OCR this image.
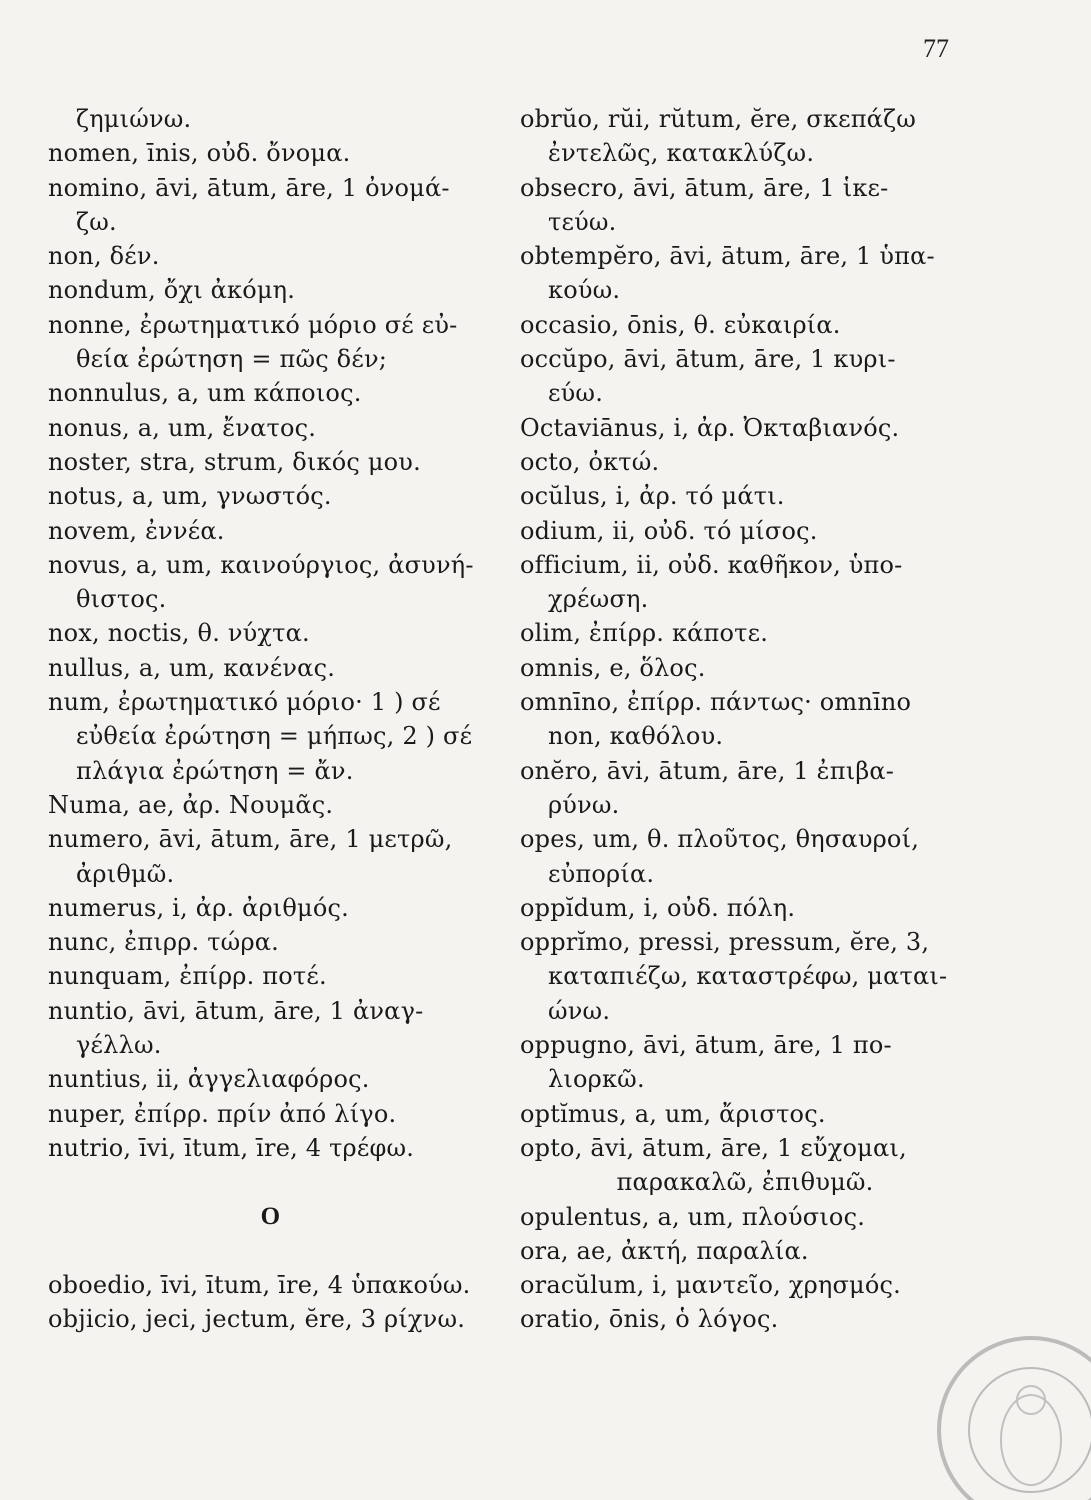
77
ζημιώνω.
nomen, īnis, οὐδ. ὄνομα.
nomino, āvi, ātum, āre, 1 ὀνομά-
ζω.
non, δέν.
nondum, ὄχι ἀκόμη.
nonne, ἐρωτηματικό μόριο σέ εὐ-
θεία ἐρώτηση = πῶς δέν;
nonnulus, a, um κάποιος.
nonus, a, um, ἔνατος.
noster, stra, strum, δικός μου.
notus, a, um, γνωστός.
novem, ἐννέα.
novus, a, um, καινούργιος, ἀσυνή-
θιστος.
nox, noctis, θ. νύχτα.
nullus, a, um, κανένας.
num, ἐρωτηματικό μόριο· 1 ) σέ
εὐθεία ἐρώτηση = μήπως, 2 ) σέ
πλάγια ἐρώτηση = ἄν.
Numa, ae, ἀρ. Νουμᾶς.
numero, āvi, ātum, āre, 1 μετρῶ,
ἀριθμῶ.
numerus, i, ἀρ. ἀριθμός.
nunc, ἐπιρρ. τώρα.
nunquam, ἐπίρρ. ποτέ.
nuntio, āvi, ātum, āre, 1 ἀναγ-
γέλλω.
nuntius, ii, ἀγγελιαφόρος.
nuper, ἐπίρρ. πρίν ἀπό λίγο.
nutrio, īvi, ītum, īre, 4 τρέφω.
O
oboedio, īvi, ītum, īre, 4 ὑπακούω.
objicio, jeci, jectum, ĕre, 3 ρίχνω.
obrŭo, rŭi, rŭtum, ĕre, σκεπάζω
ἐντελῶς, κατακλύζω.
obsecro, āvi, ātum, āre, 1 ἱκε-
τεύω.
obtempĕro, āvi, ātum, āre, 1 ὑπα-
κούω.
occasio, ōnis, θ. εὐκαιρία.
occŭpo, āvi, ātum, āre, 1 κυρι-
εύω.
Octaviānus, i, ἀρ. Ὀκταβιανός.
octo, ὀκτώ.
ocŭlus, i, ἀρ. τό μάτι.
odium, ii, οὐδ. τό μίσος.
officium, ii, οὐδ. καθῆκον, ὑπο-
χρέωση.
olim, ἐπίρρ. κάποτε.
omnis, e, ὅλος.
omnīno, ἐπίρρ. πάντως· omnīno
non, καθόλου.
onĕro, āvi, ātum, āre, 1 ἐπιβα-
ρύνω.
opes, um, θ. πλοῦτος, θησαυροί,
εὐπορία.
oppĭdum, i, οὐδ. πόλη.
opprĭmo, pressi, pressum, ĕre, 3,
καταπιέζω, καταστρέφω, μαται-
ώνω.
oppugno, āvi, ātum, āre, 1 πο-
λιορκῶ.
optĭmus, a, um, ἄριστος.
opto, āvi, ātum, āre, 1 εὔχομαι,
παρακαλῶ, ἐπιθυμῶ.
opulentus, a, um, πλούσιος.
ora, ae, ἀκτή, παραλία.
oracŭlum, i, μαντεῖο, χρησμός.
oratio, ōnis, ὁ λόγος.
